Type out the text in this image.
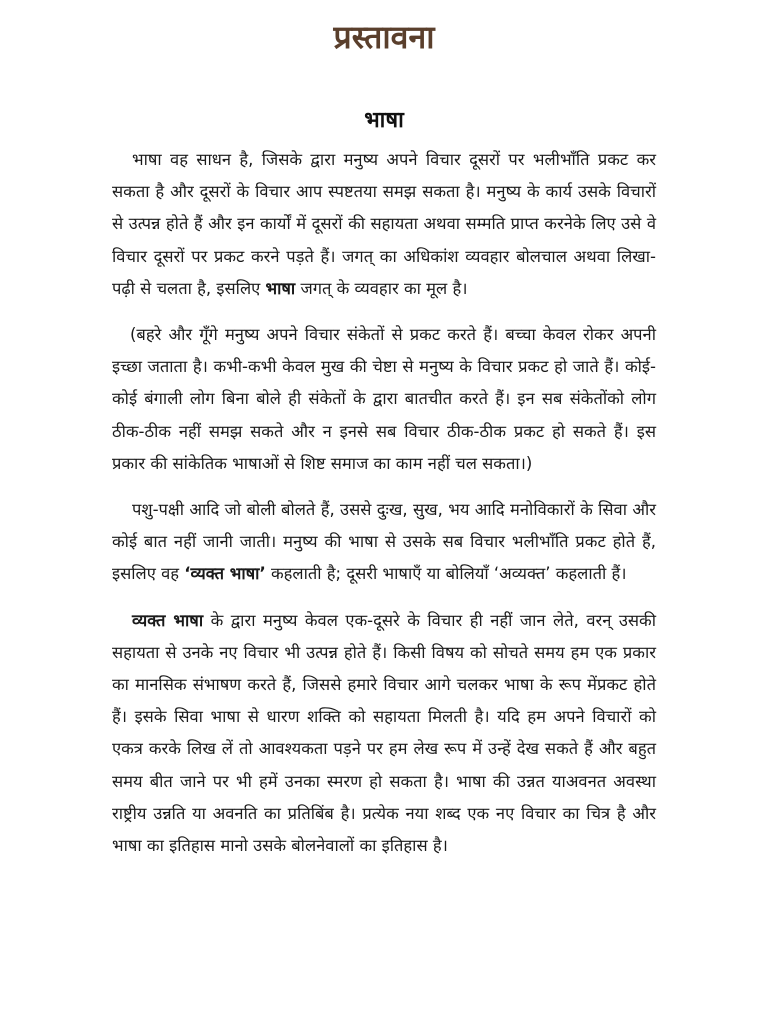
प्रस्तावना
भाषा

भाषा वह साधन है, जिसके द्वारा मनुष्य अपने विचार दूसरों पर भलीभाँति प्रकट कर सकता है और दूसरों के विचार आप स्पष्टतया समझ सकता है। मनुष्य के कार्य उसके विचारों से उत्पन्न होते हैं और इन कार्यों में दूसरों की सहायता अथवा सम्मति प्राप्त करनेके लिए उसे वे विचार दूसरों पर प्रकट करने पड़ते हैं। जगत् का अधिकांश व्यवहार बोलचाल अथवा लिखा-पढ़ी से चलता है, इसलिए भाषा जगत् के व्यवहार का मूल है।

(बहरे और गूँगे मनुष्य अपने विचार संकेतों से प्रकट करते हैं। बच्चा केवल रोकर अपनी इच्छा जताता है। कभी-कभी केवल मुख की चेष्टा से मनुष्य के विचार प्रकट हो जाते हैं। कोई-कोई बंगाली लोग बिना बोले ही संकेतों के द्वारा बातचीत करते हैं। इन सब संकेतोंको लोग ठीक-ठीक नहीं समझ सकते और न इनसे सब विचार ठीक-ठीक प्रकट हो सकते हैं। इस प्रकार की सांकेतिक भाषाओं से शिष्ट समाज का काम नहीं चल सकता।)

पशु-पक्षी आदि जो बोली बोलते हैं, उससे दुःख, सुख, भय आदि मनोविकारों के सिवा और कोई बात नहीं जानी जाती। मनुष्य की भाषा से उसके सब विचार भलीभाँति प्रकट होते हैं, इसलिए वह ‘व्यक्त भाषा’ कहलाती है; दूसरी भाषाएँ या बोलियाँ ‘अव्यक्त’ कहलाती हैं।

व्यक्त भाषा के द्वारा मनुष्य केवल एक-दूसरे के विचार ही नहीं जान लेते, वरन् उसकी सहायता से उनके नए विचार भी उत्पन्न होते हैं। किसी विषय को सोचते समय हम एक प्रकार का मानसिक संभाषण करते हैं, जिससे हमारे विचार आगे चलकर भाषा के रूप मेंप्रकट होते हैं। इसके सिवा भाषा से धारण शक्ति को सहायता मिलती है। यदि हम अपने विचारों को एकत्र करके लिख लें तो आवश्यकता पड़ने पर हम लेख रूप में उन्हें देख सकते हैं और बहुत समय बीत जाने पर भी हमें उनका स्मरण हो सकता है। भाषा की उन्नत याअवनत अवस्था राष्ट्रीय उन्नति या अवनति का प्रतिबिंब है। प्रत्येक नया शब्द एक नए विचार का चित्र है और भाषा का इतिहास मानो उसके बोलनेवालों का इतिहास है।
